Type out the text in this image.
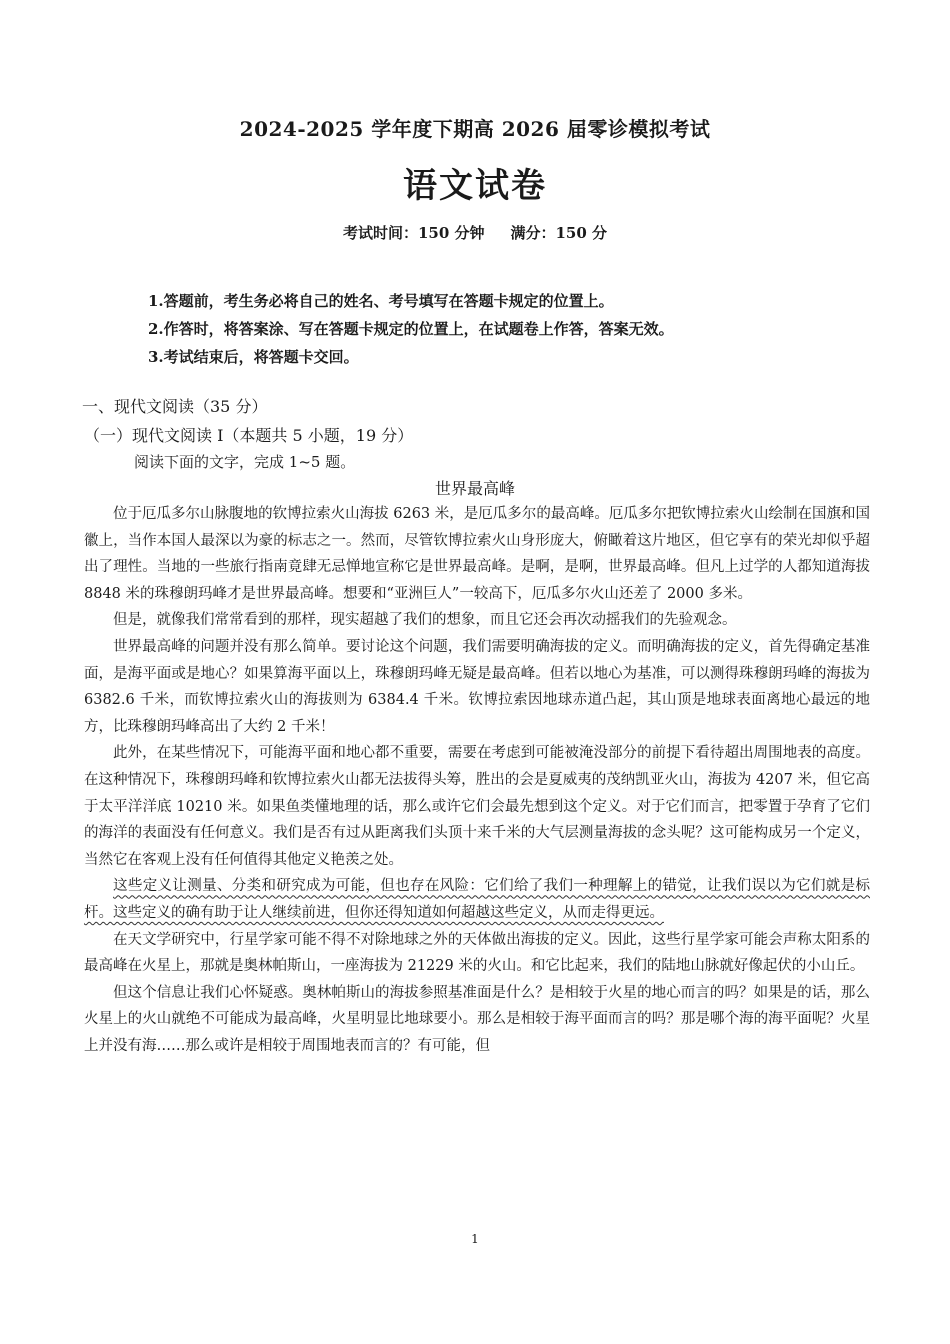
2024-2025 学年度下期高 2026 届零诊模拟考试
语文试卷
考试时间：150 分钟 满分：150 分
1.答题前，考生务必将自己的姓名、考号填写在答题卡规定的位置上。
2.作答时，将答案涂、写在答题卡规定的位置上，在试题卷上作答，答案无效。
3.考试结束后，将答题卡交回。
一、现代文阅读（35 分）
（一）现代文阅读 I（本题共 5 小题，19 分）
阅读下面的文字，完成 1~5 题。
世界最高峰

位于厄瓜多尔山脉腹地的钦博拉索火山海拔 6263 米，是厄瓜多尔的最高峰。厄瓜多尔把钦博拉索火山绘制在国旗和国徽上，当作本国人最深以为豪的标志之一。然而，尽管钦博拉索火山身形庞大，俯瞰着这片地区，但它享有的荣光却似乎超出了理性。当地的一些旅行指南竟肆无忌惮地宣称它是世界最高峰。是啊，是啊，世界最高峰。但凡上过学的人都知道海拔 8848 米的珠穆朗玛峰才是世界最高峰。想要和“亚洲巨人”一较高下，厄瓜多尔火山还差了 2000 多米。

但是，就像我们常常看到的那样，现实超越了我们的想象，而且它还会再次动摇我们的先验观念。

世界最高峰的问题并没有那么简单。要讨论这个问题，我们需要明确海拔的定义。而明确海拔的定义，首先得确定基准面，是海平面或是地心？如果算海平面以上，珠穆朗玛峰无疑是最高峰。但若以地心为基准，可以测得珠穆朗玛峰的海拔为 6382.6 千米，而钦博拉索火山的海拔则为 6384.4 千米。钦博拉索因地球赤道凸起，其山顶是地球表面离地心最远的地方，比珠穆朗玛峰高出了大约 2 千米！

此外，在某些情况下，可能海平面和地心都不重要，需要在考虑到可能被淹没部分的前提下看待超出周围地表的高度。在这种情况下，珠穆朗玛峰和钦博拉索火山都无法拔得头筹，胜出的会是夏威夷的茂纳凯亚火山，海拔为 4207 米，但它高于太平洋洋底 10210 米。如果鱼类懂地理的话，那么或许它们会最先想到这个定义。对于它们而言，把零置于孕育了它们的海洋的表面没有任何意义。我们是否有过从距离我们头顶十来千米的大气层测量海拔的念头呢？这可能构成另一个定义，当然它在客观上没有任何值得其他定义艳羡之处。

这些定义让测量、分类和研究成为可能，但也存在风险：它们给了我们一种理解上的错觉，让我们误以为它们就是标杆。这些定义的确有助于让人继续前进，但你还得知道如何超越这些定义，从而走得更远。

在天文学研究中，行星学家可能不得不对除地球之外的天体做出海拔的定义。因此，这些行星学家可能会声称太阳系的最高峰在火星上，那就是奥林帕斯山，一座海拔为 21229 米的火山。和它比起来，我们的陆地山脉就好像起伏的小山丘。

但这个信息让我们心怀疑惑。奥林帕斯山的海拔参照基准面是什么？是相较于火星的地心而言的吗？如果是的话，那么火星上的火山就绝不可能成为最高峰，火星明显比地球要小。那么是相较于海平面而言的吗？那是哪个海的海平面呢？火星上并没有海……那么或许是相较于周围地表而言的？有可能，但

1
